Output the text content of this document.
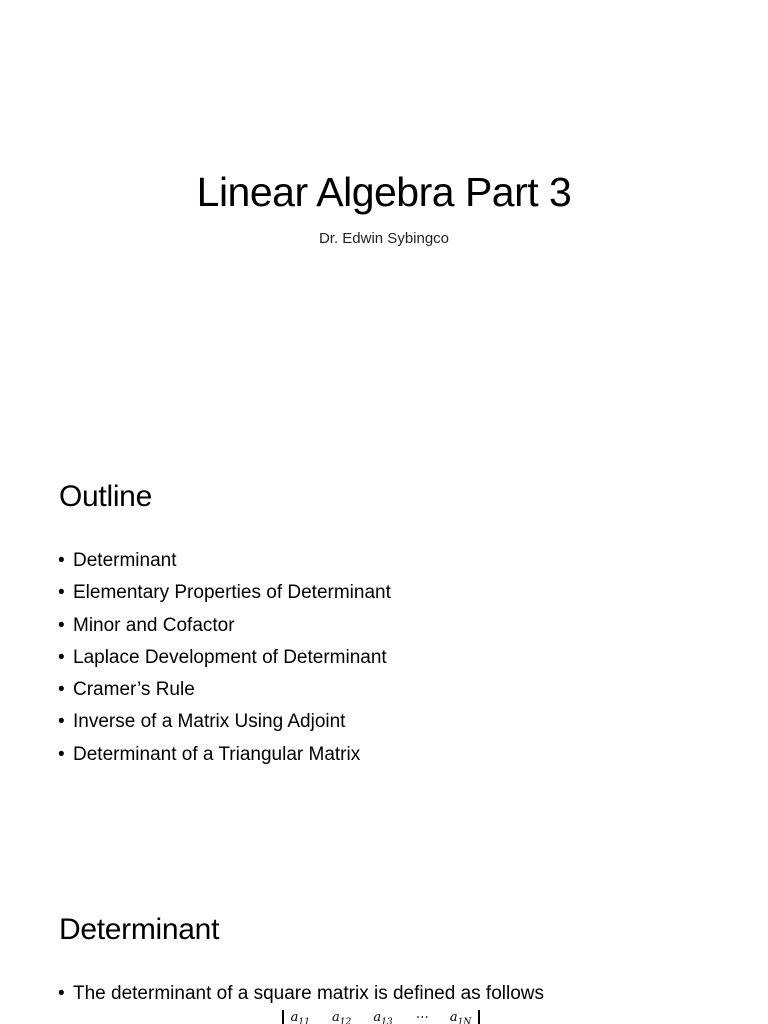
Linear Algebra Part 3
Dr. Edwin Sybingco
Outline
• Determinant
• Elementary Properties of Determinant
• Minor and Cofactor
• Laplace Development of Determinant
• Cramer’s Rule
• Inverse of a Matrix Using Adjoint
• Determinant of a Triangular Matrix
Determinant
• The determinant of a square matrix is defined as follows
$a_{11}$ $a_{12}$ $a_{13}$ ⋯ $a_{1N}$
